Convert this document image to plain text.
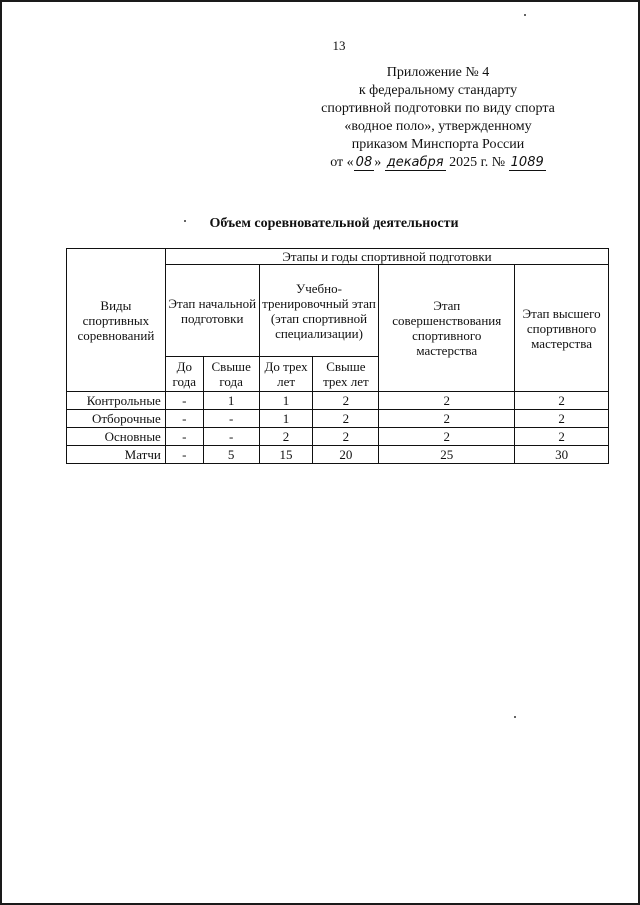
13
Приложение № 4
к федеральному стандарту
спортивной подготовки по виду спорта
«водное поло», утвержденному
приказом Минспорта России
от « 08 » декабря 2025 г. № 1089
Объем соревновательной деятельности
Виды спортивных соревнований	Этапы и годы спортивной подготовки					
	Этап начальной подготовки		Учебно-тренировочный этап (этап спортивной специализации)		Этап совершенствования спортивного мастерства	Этап высшего спортивного мастерства
	До года	Свыше года	До трех лет	Свыше трех лет		
Контрольные	-	1	1	2	2	2
Отборочные	-	-	1	2	2	2
Основные	-	-	2	2	2	2
Матчи	-	5	15	20	25	30
